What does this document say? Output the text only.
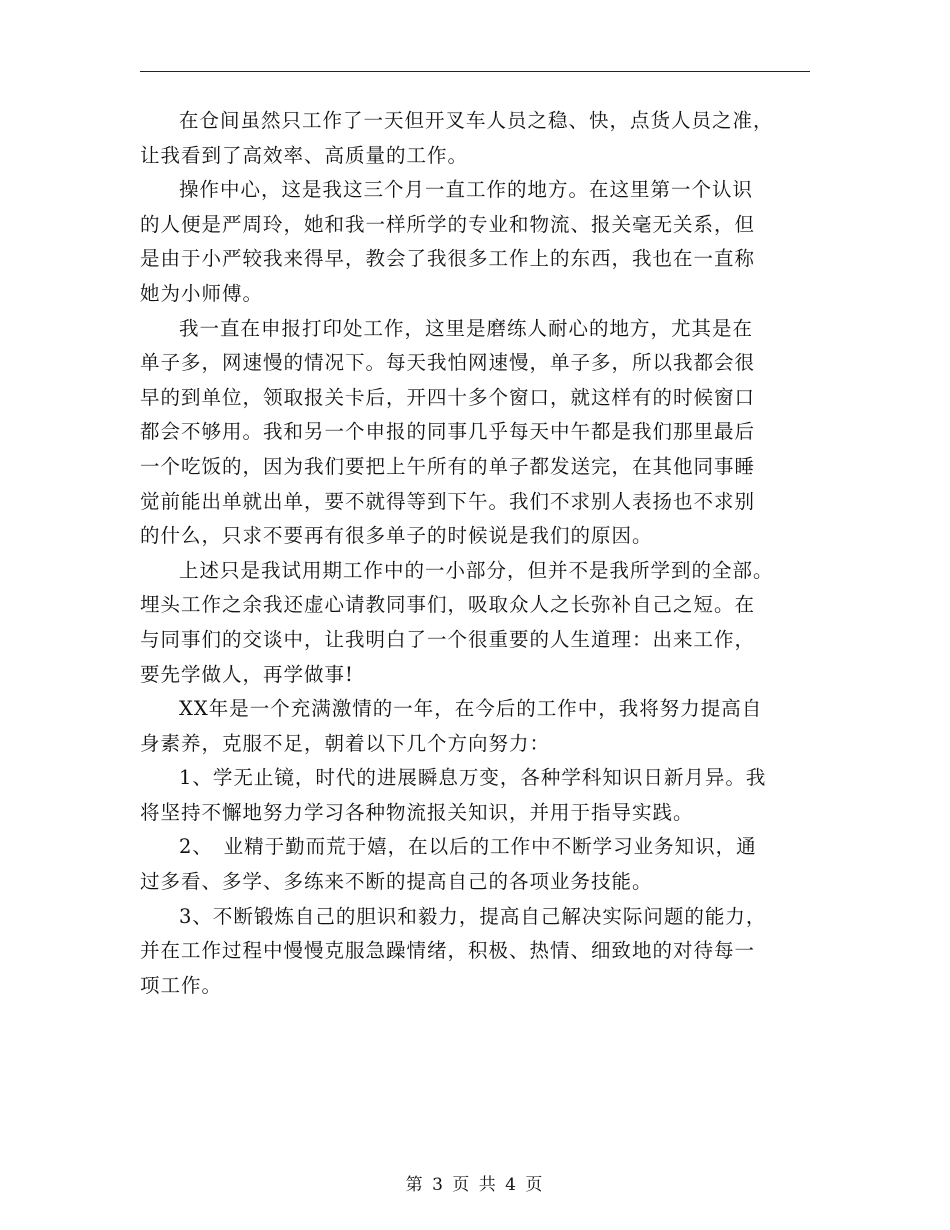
在仓间虽然只工作了一天但开叉车人员之稳、快，点货人员之准，
让我看到了高效率、高质量的工作。

操作中心，这是我这三个月一直工作的地方。在这里第一个认识
的人便是严周玲，她和我一样所学的专业和物流、报关毫无关系，但
是由于小严较我来得早，教会了我很多工作上的东西，我也在一直称
她为小师傅。

我一直在申报打印处工作，这里是磨练人耐心的地方，尤其是在
单子多，网速慢的情况下。每天我怕网速慢，单子多，所以我都会很
早的到单位，领取报关卡后，开四十多个窗口，就这样有的时候窗口
都会不够用。我和另一个申报的同事几乎每天中午都是我们那里最后
一个吃饭的，因为我们要把上午所有的单子都发送完，在其他同事睡
觉前能出单就出单，要不就得等到下午。我们不求别人表扬也不求别
的什么，只求不要再有很多单子的时候说是我们的原因。

上述只是我试用期工作中的一小部分，但并不是我所学到的全部。
埋头工作之余我还虚心请教同事们，吸取众人之长弥补自己之短。在
与同事们的交谈中，让我明白了一个很重要的人生道理：出来工作，
要先学做人，再学做事!

XX年是一个充满激情的一年，在今后的工作中，我将努力提高自
身素养，克服不足，朝着以下几个方向努力：

1、学无止镜，时代的进展瞬息万变，各种学科知识日新月异。我
将坚持不懈地努力学习各种物流报关知识，并用于指导实践。

2、　业精于勤而荒于嬉，在以后的工作中不断学习业务知识，通
过多看、多学、多练来不断的提高自己的各项业务技能。

3、不断锻炼自己的胆识和毅力，提高自己解决实际问题的能力，
并在工作过程中慢慢克服急躁情绪，积极、热情、细致地的对待每一
项工作。

第 3 页 共 4 页
